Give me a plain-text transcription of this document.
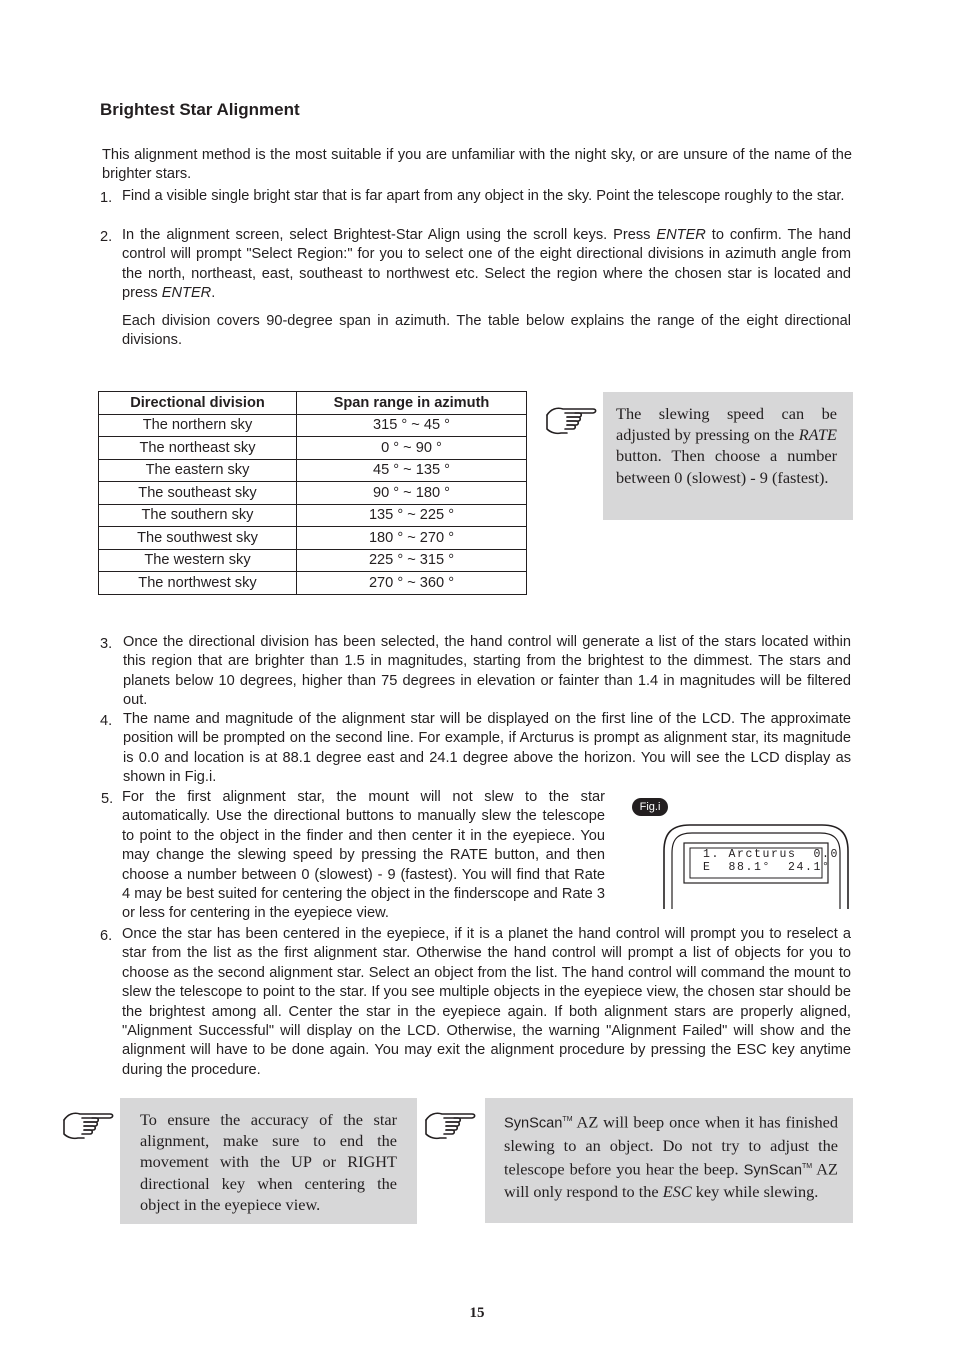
Brightest Star Alignment
This alignment method is the most suitable if you are unfamiliar with the night sky, or are unsure of the name of the brighter stars.
1. Find a visible single bright star that is far apart from any object in the sky. Point the telescope roughly to the star.
2. In the alignment screen, select Brightest-Star Align using the scroll keys. Press ENTER to confirm. The hand control will prompt "Select Region:" for you to select one of the eight directional divisions in azimuth angle from the north, northeast, east, southeast to northwest etc. Select the region where the chosen star is located and press ENTER.
Each division covers 90-degree span in azimuth. The table below explains the range of the eight directional divisions.
Directional division	Span range in azimuth
The northern sky	315 ° ~ 45 °
The northeast sky	0 ° ~ 90 °
The eastern sky	45 ° ~ 135 °
The southeast sky	90 ° ~ 180 °
The southern sky	135 ° ~ 225 °
The southwest sky	180 ° ~ 270 °
The western sky	225 ° ~ 315 °
The northwest sky	270 ° ~ 360 °
The slewing speed can be adjusted by pressing on the RATE button. Then choose a number between 0 (slowest) - 9 (fastest).
3. Once the directional division has been selected, the hand control will generate a list of the stars located within this region that are brighter than 1.5 in magnitudes, starting from the brightest to the dimmest. The stars and planets below 10 degrees, higher than 75 degrees in elevation or fainter than 1.4 in magnitudes will be filtered out.
4. The name and magnitude of the alignment star will be displayed on the first line of the LCD. The approximate position will be prompted on the second line. For example, if Arcturus is prompt as alignment star, its magnitude is 0.0 and location is at 88.1 degree east and 24.1 degree above the horizon. You will see the LCD display as shown in Fig.i.
5. For the first alignment star, the mount will not slew to the star automatically. Use the directional buttons to manually slew the telescope to point to the object in the finder and then center it in the eyepiece. You may change the slewing speed by pressing the RATE button, and then choose a number between 0 (slowest) - 9 (fastest). You will find that Rate 4 may be best suited for centering the object in the finderscope and Rate 3 or less for centering in the eyepiece view.
Fig.i
1. Arcturus  0.0
E  88.1°  24.1°
6. Once the star has been centered in the eyepiece, if it is a planet the hand control will prompt you to reselect a star from the list as the first alignment star. Otherwise the hand control will prompt a list of objects for you to choose as the second alignment star. Select an object from the list. The hand control will command the mount to slew the telescope to point to the star. If you see multiple objects in the eyepiece view, the chosen star should be the brightest among all. Center the star in the eyepiece again. If both alignment stars are properly aligned, "Alignment Successful" will display on the LCD. Otherwise, the warning "Alignment Failed" will show and the alignment will have to be done again. You may exit the alignment procedure by pressing the ESC key anytime during the procedure.
To ensure the accuracy of the star alignment, make sure to end the movement with the UP or RIGHT directional key when centering the object in the eyepiece view.
SynScan™ AZ will beep once when it has finished slewing to an object. Do not try to adjust the telescope before you hear the beep. SynScan™ AZ will only respond to the ESC key while slewing.
15
